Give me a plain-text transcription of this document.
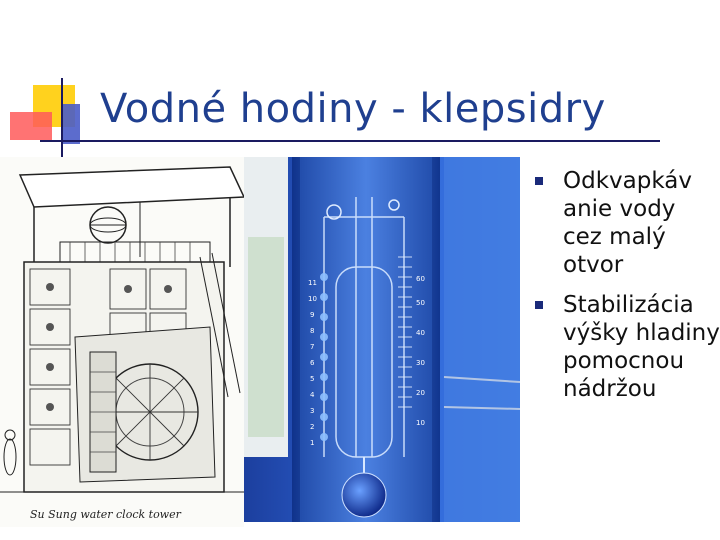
Vodné hodiny - klepsidry
Su Sung water clock tower
11
10
9
8
7
6
5
4
3
2
1
60
50
40
30
20
10
Odkvapkáv anie vody cez malý otvor
Stabilizácia výšky hladiny pomocnou nádržou
